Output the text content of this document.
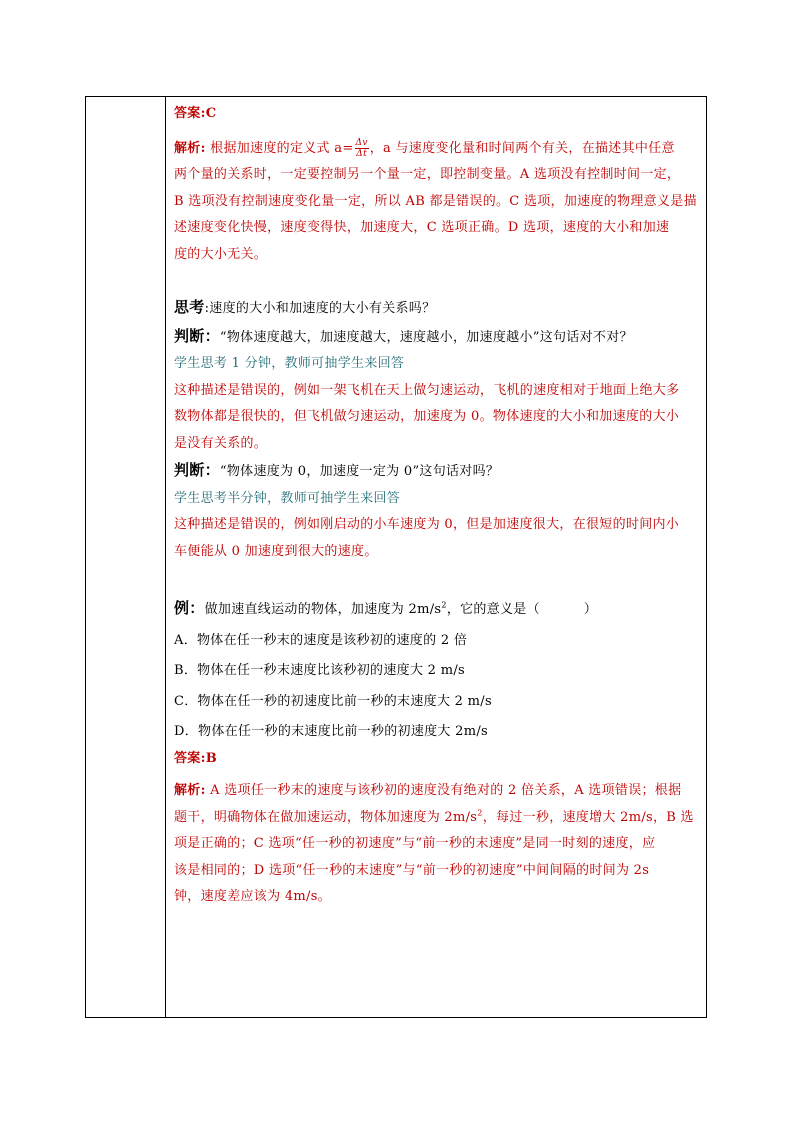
答案:C

解析: 根据加速度的定义式 $a= \frac{\Delta v}{\Delta t}$ ，a 与速度变化量和时间两个有关，在描述其中任意

两个量的关系时，一定要控制另一个量一定，即控制变量。A 选项没有控制时间一定，

B 选项没有控制速度变化量一定，所以 AB 都是错误的。C 选项，加速度的物理意义是描

述速度变化快慢，速度变得快，加速度大，C 选项正确。D 选项，速度的大小和加速

度的大小无关。

思考:速度的大小和加速度的大小有关系吗？

判断：“物体速度越大，加速度越大，速度越小，加速度越小”这句话对不对？

学生思考 1 分钟，教师可抽学生来回答

这种描述是错误的，例如一架飞机在天上做匀速运动，飞机的速度相对于地面上绝大多

数物体都是很快的，但飞机做匀速运动，加速度为 0。物体速度的大小和加速度的大小

是没有关系的。

判断：“物体速度为 0，加速度一定为 0”这句话对吗？

学生思考半分钟，教师可抽学生来回答

这种描述是错误的，例如刚启动的小车速度为 0，但是加速度很大，在很短的时间内小

车便能从 0 加速度到很大的速度。

例：做加速直线运动的物体，加速度为 $2m/s^2$，它的意义是（	）

A．物体在任一秒末的速度是该秒初的速度的 2 倍

B．物体在任一秒末速度比该秒初的速度大 2 m/s

C．物体在任一秒的初速度比前一秒的末速度大 2 m/s

D．物体在任一秒的末速度比前一秒的初速度大 2m/s

答案:B

解析: A 选项任一秒末的速度与该秒初的速度没有绝对的 2 倍关系，A 选项错误；根据

题干，明确物体在做加速运动，物体加速度为 $2m/s^2$，每过一秒，速度增大 2m/s，B 选

项是正确的；C 选项“任一秒的初速度”与“前一秒的末速度”是同一时刻的速度，应

该是相同的；D 选项“任一秒的末速度”与“前一秒的初速度”中间间隔的时间为 2s

钟，速度差应该为 4m/s。
